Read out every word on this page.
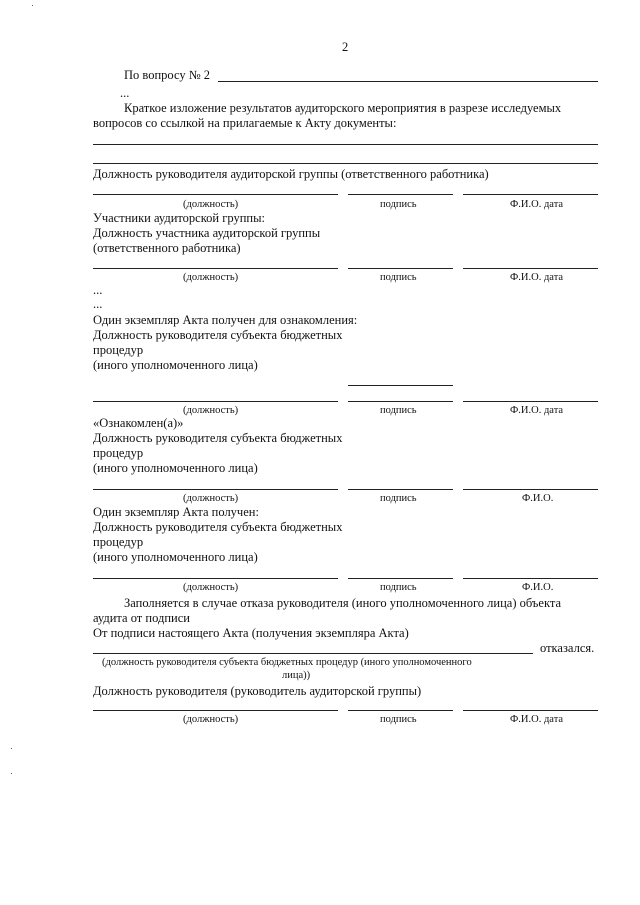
2
По вопросу № 2
...
Краткое изложение результатов аудиторского мероприятия в разрезе исследуемых
вопросов со ссылкой на прилагаемые к Акту документы:
Должность руководителя аудиторской группы (ответственного работника)
(должность)	подпись	Ф.И.О. дата
Участники аудиторской группы:
Должность участника аудиторской группы
(ответственного работника)
(должность)	подпись	Ф.И.О. дата
...
...
Один экземпляр Акта получен для ознакомления:
Должность руководителя субъекта бюджетных
процедур
(иного уполномоченного лица)
(должность)	подпись	Ф.И.О. дата
«Ознакомлен(а)»
Должность руководителя субъекта бюджетных
процедур
(иного уполномоченного лица)
(должность)	подпись	Ф.И.О.
Один экземпляр Акта получен:
Должность руководителя субъекта бюджетных
процедур
(иного уполномоченного лица)
(должность)	подпись	Ф.И.О.
Заполняется в случае отказа руководителя (иного уполномоченного лица) объекта
аудита от подписи
От подписи настоящего Акта (получения экземпляра Акта)
отказался.
(должность руководителя субъекта бюджетных процедур (иного уполномоченного
лица))
Должность руководителя (руководитель аудиторской группы)
(должность)	подпись	Ф.И.О. дата
